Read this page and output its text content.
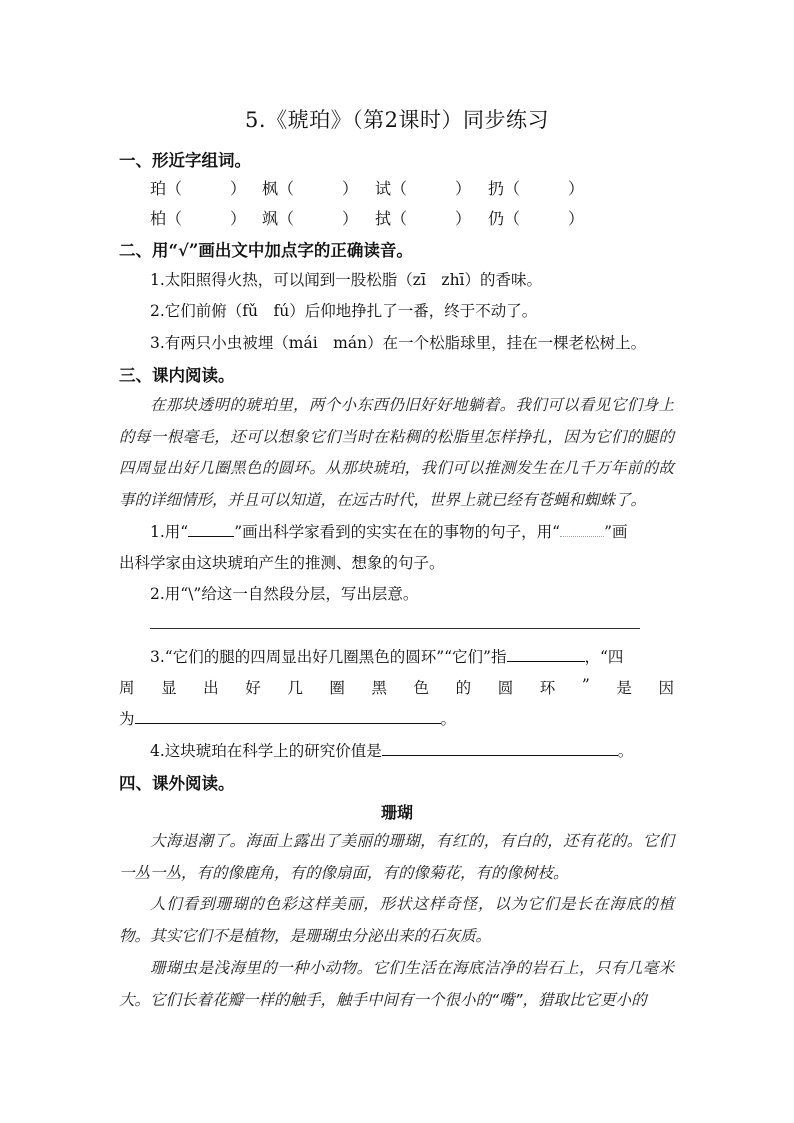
5.《琥珀》（第2课时）同步练习
一、形近字组词。
珀（　　　） 枫（　　　） 试（　　　） 扔（　　　）
柏（　　　） 飒（　　　） 拭（　　　） 仍（　　　）
二、用“√”画出文中加点字的正确读音。
1.太阳照得火热，可以闻到一股松脂（zī　zhī）的香味。
2.它们前俯（fǔ　fú）后仰地挣扎了一番，终于不动了。
3.有两只小虫被埋（mái　mán）在一个松脂球里，挂在一棵老松树上。
三、课内阅读。
在那块透明的琥珀里，两个小东西仍旧好好地躺着。我们可以看见它们身上的每一根毫毛，还可以想象它们当时在粘稠的松脂里怎样挣扎，因为它们的腿的四周显出好几圈黑色的圆环。从那块琥珀，我们可以推测发生在几千万年前的故事的详细情形，并且可以知道，在远古时代，世界上就已经有苍蝇和蜘蛛了。
1.用“	”画出科学家看到的实实在在的事物的句子，用“	”画
出科学家由这块琥珀产生的推测、想象的句子。
2.用“\”给这一自然段分层，写出层意。
3.“它们的腿的四周显出好几圈黑色的圆环”“它们”指	，“四
周 显 出 好 几 圈 黑 色 的 圆 环 ” 是 因
为	。
4.这块琥珀在科学上的研究价值是	。
四、课外阅读。
珊瑚
大海退潮了。海面上露出了美丽的珊瑚，有红的，有白的，还有花的。它们一丛一丛，有的像鹿角，有的像扇面，有的像菊花，有的像树枝。
人们看到珊瑚的色彩这样美丽，形状这样奇怪，以为它们是长在海底的植物。其实它们不是植物，是珊瑚虫分泌出来的石灰质。
珊瑚虫是浅海里的一种小动物。它们生活在海底洁净的岩石上，只有几毫米大。它们长着花瓣一样的触手，触手中间有一个很小的“嘴”，猎取比它更小的
